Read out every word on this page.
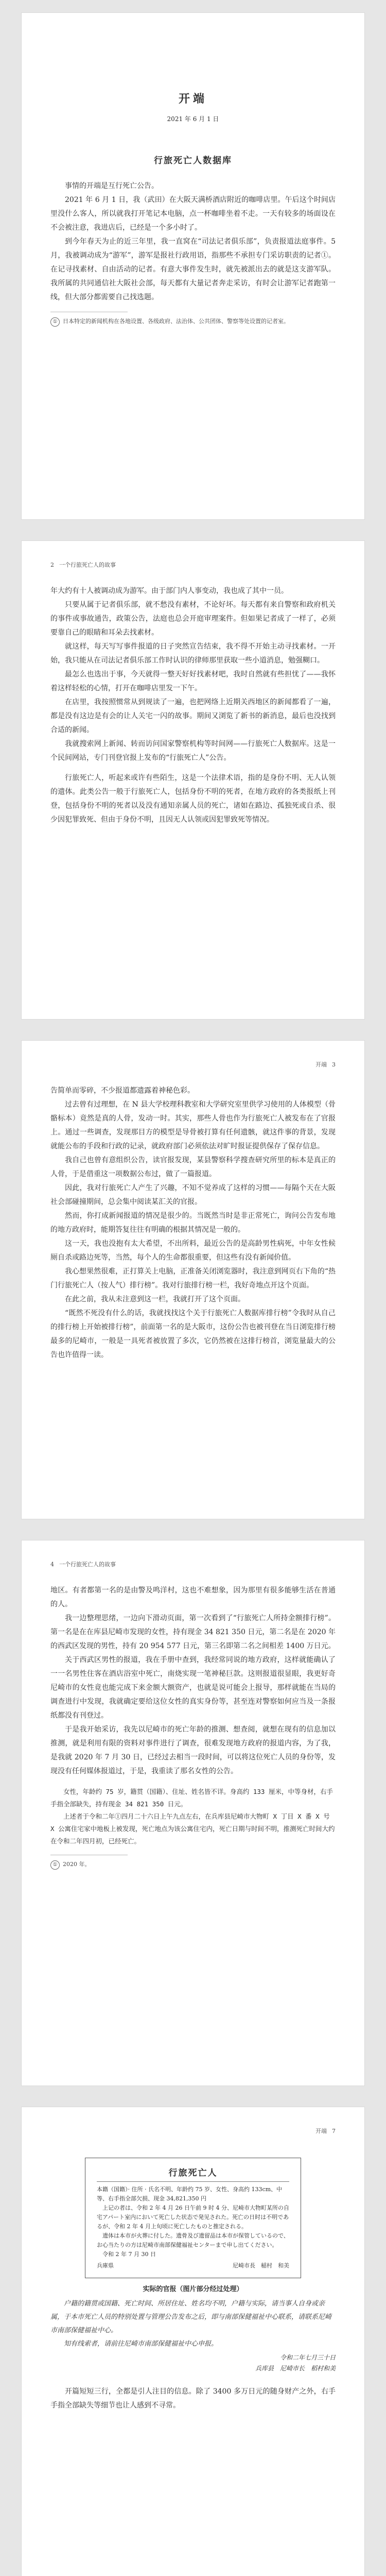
开端
2021 年 6 月 1 日
行旅死亡人数据库

事情的开端是互行死亡公告。

2021 年 6 月 1 日，我（武田）在大阪天满桥酒店附近的咖啡店里。午后这个时间店里没什么客人，所以就我打开笔记本电脑，点一杯咖啡坐着不走。一天有较多的场面设在不会被注意，我进店后，已经是一个多小时了。

到今年春天为止的近三年里，我一直窝在“司法记者俱乐部”，负责报道法庭事件。5 月，我被调动成为“游军”，游军是报社行政用语，指那些不承担专门采访职责的记者①。在记寻找素材、自由活动的记者。有意大事件发生时，就先被派出去的就是这支游军队。我所属的共同通信社大阪社会部，每天都有大量记者奔走采访，有时会让游军记者跑第一线，但大部分都需要自己找选题。

① 日本特定的新闻机构在各地设置、各级政府、法治体、公共团体、警察等处设置的记者室。

2 一个行旅死亡人的故事

年大约有十人被调动成为游军。由于部门内人事变动，我也成了其中一员。

只要从属于记者俱乐部，就不愁没有素材，不论好坏。每天都有来自警察和政府机关的事件或事故通告，政策公告，法庭也总会开庭审理案件。但如果记者成了一样了，必须要靠自己的眼睛和耳朵去找素材。

就这样，每天写写事件报道的日子突然宣告结束，我不得不开始主动寻找素材。一开始，我只能从在司法记者俱乐部工作时认识的律师那里获取一些小道消息，勉强糊口。

最怎么也选出于事，今天就得一整天好好找素材吧，我时自然就有些担忧了——我怀着这样轻松的心情，打开在咖啡店里发一下午。

在店里，我按照惯常从到规读了一遍，也把网络上近期关西地区的新闻都看了一遍，都是没有这边是有会的让人关宅一闪的故事。期间又浏览了新书的新消息，最后也没找到合适的新闻。

我就搜索网上新闻、转而访问国家警察机构等时间网——行旅死亡人数据库。这是一个民间网站，专门刊登官报上发布的“行旅死亡人”公告。

行旅死亡人，听起来或许有些陌生，这是一个法律术语，指的是身份不明、无人认领的遗体。此类公告一般于行旅死亡人，包括身份不明的死者，在地方政府的各类报纸上刊登，包括身份不明的死者以及没有通知亲属人员的死亡，诸如在路边、孤独死或自杀、很少因犯罪致死、但由于身份不明，且因无人认领或因犯罪致死等情况。

开端 3

告简单而零碎，不少报道都遗露着神秘色彩。

过去曾有过理想，在 N 县大学校理科教室和大学研究室里供学习使用的人体模型（骨骼标本）竟然是真的人骨，发动一时。其实，那些人骨也作为行旅死亡人被发布在了官报上。通过一些调查，发现那目方的模型是导骨被打算有任何遗骸，就这件事的背景，发现就能公布的手段和行政的记录，就政府部门必须依法对旷时报证提供保存了保存信息。

我自己也曾有意组织公告，读官报发现，某县警察科学搜查研究所里的标本是真正的人骨，于是借重这一项数据公布过，做了一篇报道。

因此，我对行旅死亡人产生了兴趣，不知不觉养成了这样的习惯——每隔个天在大阪社会部碰撞期间，总会集中阅读某汇关的官报。

然而，你打成新闻报道的情况是很少的。当既然当时是非正常死亡，询问公告发布地的地方政府时，能期答复往往有明确的根据其情况是一般的。

这一天，我也没抱有太大希望，不出所料，最近公告的是高龄男性病死，中年女性候厕自杀或路边死等，当然，每个人的生命都很重要，但这些有没有新闻价值。

我心想果然很难，正打算关上电脑，正准备关闭浏览器时，我注意到网页右下角的“热门行旅死亡人（按人气）排行榜”。我对行旅排行榜一栏，我好奇地点开这个页面。

在此之前，我从未注意到这一栏，我就打开了这个页面。

“既然不死没有什么的话，我就找找这个关于行旅死亡人数据库排行榜”令我时从自己的排行榜上开始被排行榜”，前面第一名的是大阪市，这份公告也被刊登在当日浏览排行榜最多的尼崎市，一般是一具死者被放置了多次，它仍然被在这排行榜首，浏览量最大的公告也许值得一读。

4 一个行旅死亡人的故事

地区。有者都第一名的是由警及鸣洋村，这也不难想象，因为那里有很多能够生活在普通的人。

我一边整理思绪，一边向下滑动页面，第一次看到了“行旅死亡人所持金额排行榜”。第一名是在在库县尼崎市发现的女性，持有现金 34 821 350 日元，第二名是在 2020 年的西武区发现的男性，持有 20 954 577 日元，第三名即第二名之间相差 1400 万日元。

关于西武区男性的报道，我在手册中查到，我经常同说的地方政府，这样就能确认了一一名男性住客在酒店浴室中死亡，南烧实现一笔神秘巨款。这则报道很显眼，我更好奇尼崎市的女性竟也能完成下来金额大额资产，也就是说可能会上报导，那样就能在当局的调查进行中发现，我就确定要给这位女性的真实身份等，甚至连对警察如何应当及一条报纸都没有刊登过。

于是我开始采访，我先以尼崎市的死亡年龄的推测、想查阅，就想在现有的信息加以推测，就是利用有限的资料对事件进行了调查，很难发现地方政府的报道内容，为了我，是我就 2020 年 7 月 30 日，已经过去相当一段时间，可以将这位死亡人员的身份等，发现没有任何媒体报道过，于是，我重读了那名女性的公告。

女性，年龄约 75 岁，籍贯（国籍）、住址、姓名皆不详。身高约 133 厘米，中等身材，右手手指全部缺失，持有现金 34 821 350 日元。

上述者于令和二年①四月二十六日上午九点左右，在兵库县尼崎市大物町 X 丁目 X 番 X 号 X 公寓住宅家中地板上被发现，死亡地点为该公寓住宅内，死亡日期与时间不明，推测死亡时间大约在令和二年四月初，已经死亡。

① 2020 年。

开端 7
行旅死亡人
本籍（国籍）· 住所 · 氏名不明、年龄约 75 岁、女性、身高约 133cm、中等、右手指全部欠损、现金 34,821,350 円
上记の者は、令和 2 年 4 月 26 日午前 9 时 4 分、尼崎市大物町某所の自宅アパート室内において死亡した状态で発见された。死亡の日时は不明であるが、令和 2 年 4 月上旬顷に死亡したものと推定される。
遗体は本市が火葬に付した。遗骨及び遗留品は本市が保管しているので、お心当たりの方は尼崎市南部保健福祉センターまで申し出てください。
令和 2 年 7 月 30 日
兵庫県	尼崎市長　稲村　和美
实际的官报（图片部分经过处理）

户籍的籍贯或国籍、死亡时间、所居住址、姓名均不明，户籍与实际，请当事人自身或亲属，于本市死亡人员的特别处置与管理公告发布之后，即与南部保健福祉中心联系，请联系尼崎市南部保健福祉中心。

知有线索者，请前往尼崎市南部保健福祉中心申报。

令和二年七月三十日
兵库县　尼崎市长　稻村和美

开篇短短三行，全都是引人注目的信息。除了 3400 多万日元的随身财产之外，右手手指全部缺失等细节也让人感到不寻常。
